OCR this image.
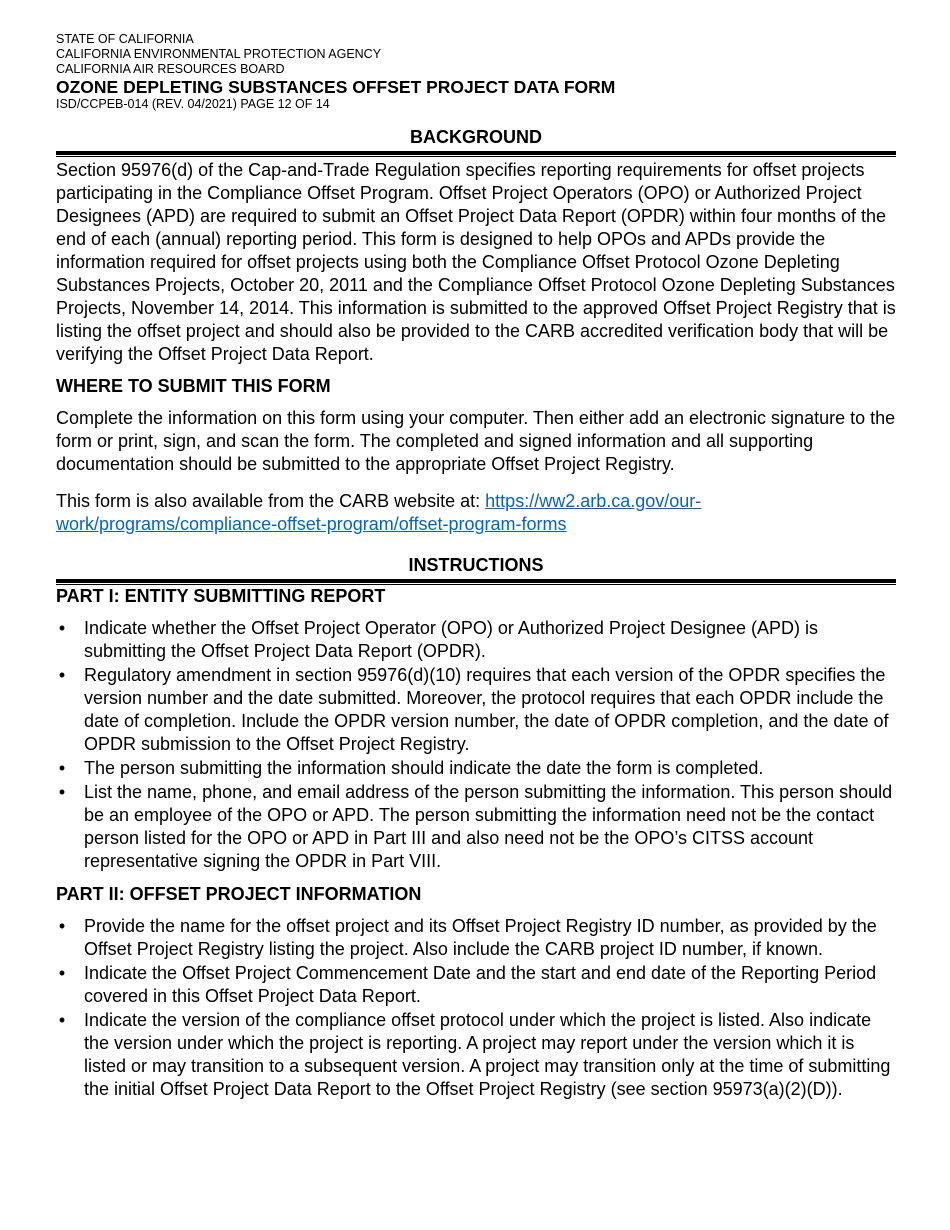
STATE OF CALIFORNIA
CALIFORNIA ENVIRONMENTAL PROTECTION AGENCY
CALIFORNIA AIR RESOURCES BOARD
OZONE DEPLETING SUBSTANCES OFFSET PROJECT DATA FORM
ISD/CCPEB-014 (REV. 04/2021) PAGE 12 OF 14
BACKGROUND

Section 95976(d) of the Cap-and-Trade Regulation specifies reporting requirements for offset projects participating in the Compliance Offset Program. Offset Project Operators (OPO) or Authorized Project Designees (APD) are required to submit an Offset Project Data Report (OPDR) within four months of the end of each (annual) reporting period. This form is designed to help OPOs and APDs provide the information required for offset projects using both the Compliance Offset Protocol Ozone Depleting Substances Projects, October 20, 2011 and the Compliance Offset Protocol Ozone Depleting Substances Projects, November 14, 2014. This information is submitted to the approved Offset Project Registry that is listing the offset project and should also be provided to the CARB accredited verification body that will be verifying the Offset Project Data Report.

WHERE TO SUBMIT THIS FORM

Complete the information on this form using your computer. Then either add an electronic signature to the form or print, sign, and scan the form. The completed and signed information and all supporting documentation should be submitted to the appropriate Offset Project Registry.

This form is also available from the CARB website at: https://ww2.arb.ca.gov/our-
work/programs/compliance-offset-program/offset-program-forms

INSTRUCTIONS
PART I: ENTITY SUBMITTING REPORT
• Indicate whether the Offset Project Operator (OPO) or Authorized Project Designee (APD) is submitting the Offset Project Data Report (OPDR).
• Regulatory amendment in section 95976(d)(10) requires that each version of the OPDR specifies the version number and the date submitted. Moreover, the protocol requires that each OPDR include the date of completion. Include the OPDR version number, the date of OPDR completion, and the date of OPDR submission to the Offset Project Registry.
• The person submitting the information should indicate the date the form is completed.
• List the name, phone, and email address of the person submitting the information. This person should be an employee of the OPO or APD. The person submitting the information need not be the contact person listed for the OPO or APD in Part III and also need not be the OPO’s CITSS account representative signing the OPDR in Part VIII.
PART II: OFFSET PROJECT INFORMATION
• Provide the name for the offset project and its Offset Project Registry ID number, as provided by the Offset Project Registry listing the project. Also include the CARB project ID number, if known.
• Indicate the Offset Project Commencement Date and the start and end date of the Reporting Period covered in this Offset Project Data Report.
• Indicate the version of the compliance offset protocol under which the project is listed. Also indicate the version under which the project is reporting. A project may report under the version which it is listed or may transition to a subsequent version. A project may transition only at the time of submitting the initial Offset Project Data Report to the Offset Project Registry (see section 95973(a)(2)(D)).
